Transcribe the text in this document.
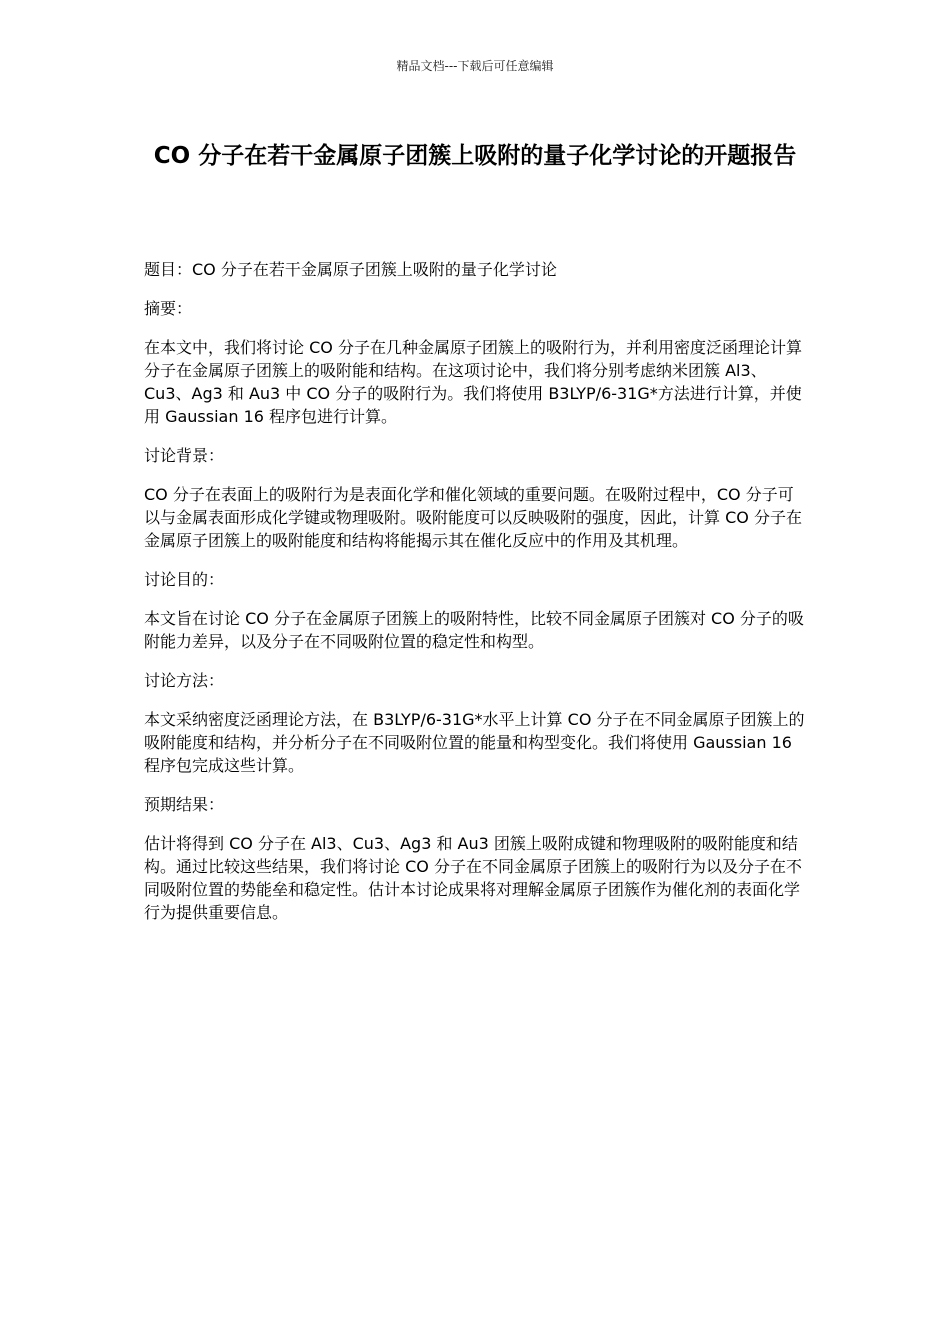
精品文档---下载后可任意编辑
CO 分子在若干金属原子团簇上吸附的量子化学讨论的开题报告

题目：CO 分子在若干金属原子团簇上吸附的量子化学讨论

摘要：

在本文中，我们将讨论 CO 分子在几种金属原子团簇上的吸附行为，并利用密度泛函理论计算分子在金属原子团簇上的吸附能和结构。在这项讨论中，我们将分别考虑纳米团簇 Al3、Cu3、Ag3 和 Au3 中 CO 分子的吸附行为。我们将使用 B3LYP/6-31G*方法进行计算，并使用 Gaussian 16 程序包进行计算。

讨论背景：

CO 分子在表面上的吸附行为是表面化学和催化领域的重要问题。在吸附过程中，CO 分子可以与金属表面形成化学键或物理吸附。吸附能度可以反映吸附的强度，因此，计算 CO 分子在金属原子团簇上的吸附能度和结构将能揭示其在催化反应中的作用及其机理。

讨论目的：

本文旨在讨论 CO 分子在金属原子团簇上的吸附特性，比较不同金属原子团簇对 CO 分子的吸附能力差异，以及分子在不同吸附位置的稳定性和构型。

讨论方法：

本文采纳密度泛函理论方法，在 B3LYP/6-31G*水平上计算 CO 分子在不同金属原子团簇上的吸附能度和结构，并分析分子在不同吸附位置的能量和构型变化。我们将使用 Gaussian 16 程序包完成这些计算。

预期结果：

估计将得到 CO 分子在 Al3、Cu3、Ag3 和 Au3 团簇上吸附成键和物理吸附的吸附能度和结构。通过比较这些结果，我们将讨论 CO 分子在不同金属原子团簇上的吸附行为以及分子在不同吸附位置的势能垒和稳定性。估计本讨论成果将对理解金属原子团簇作为催化剂的表面化学行为提供重要信息。
